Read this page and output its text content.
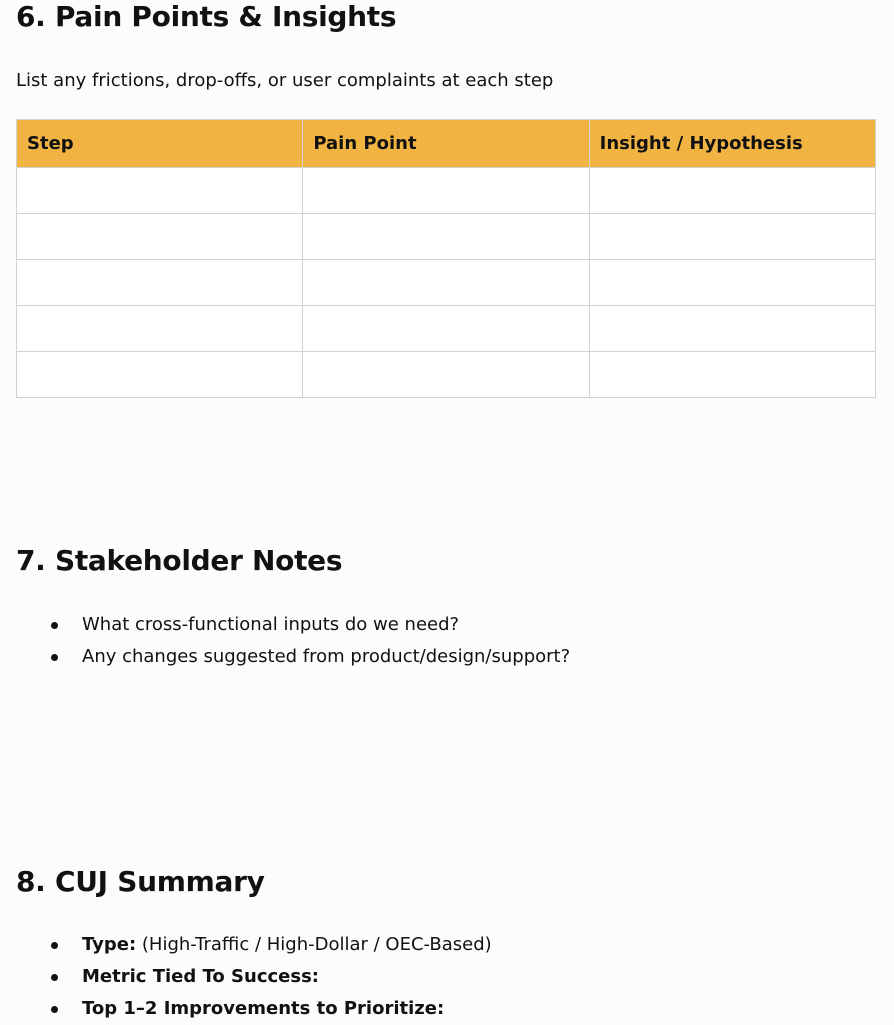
6. Pain Points & Insights

List any frictions, drop-offs, or user complaints at each step

Step	Pain Point	Insight / Hypothesis

7. Stakeholder Notes
What cross-functional inputs do we need?
Any changes suggested from product/design/support?
8. CUJ Summary
Type: (High-Traffic / High-Dollar / OEC-Based)
Metric Tied To Success:
Top 1–2 Improvements to Prioritize:
